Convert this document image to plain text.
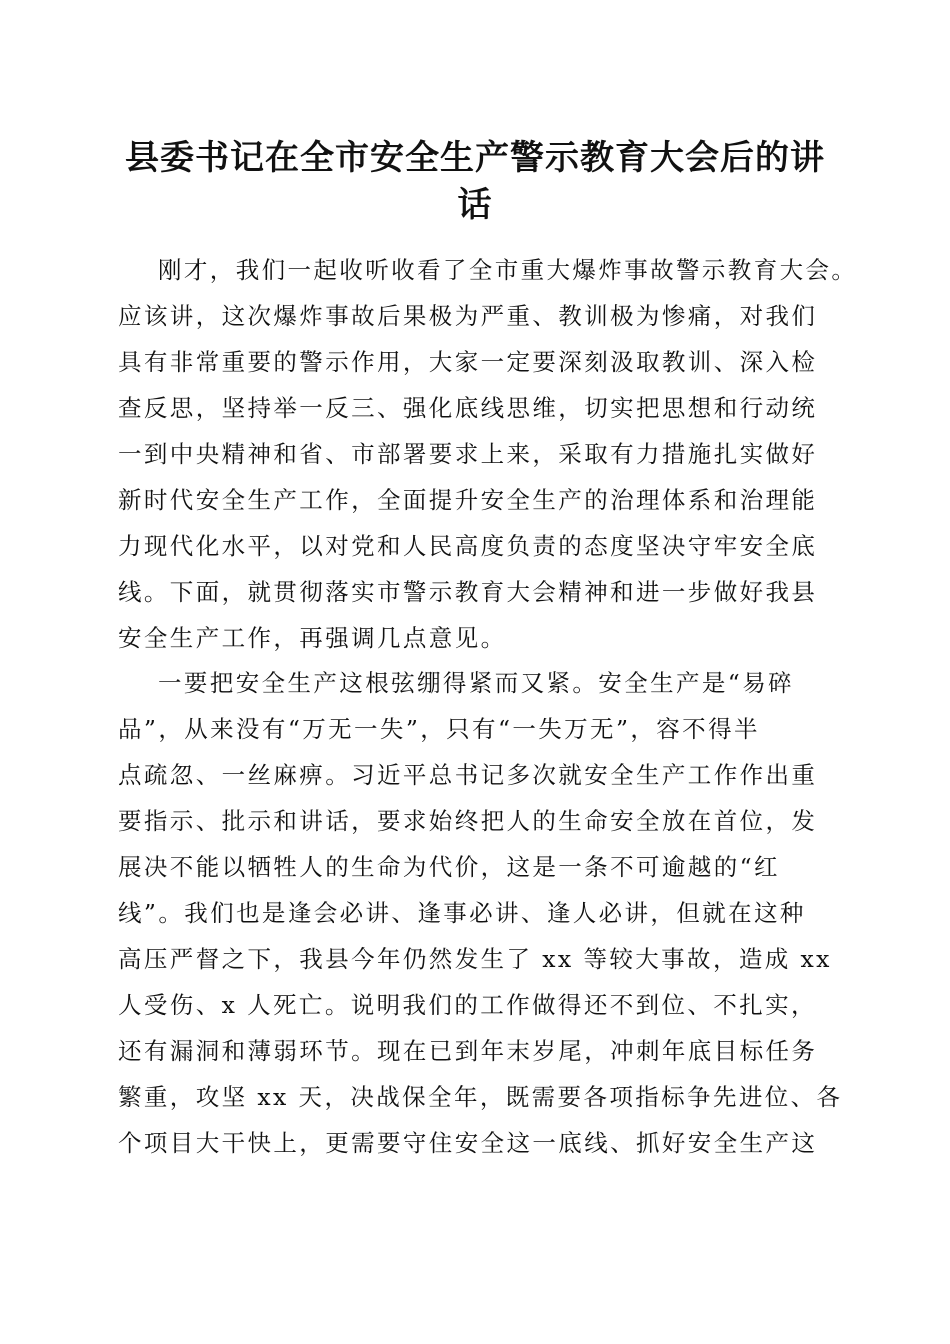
县委书记在全市安全生产警示教育大会后的讲
话
刚才，我们一起收听收看了全市重大爆炸事故警示教育大会。
应该讲，这次爆炸事故后果极为严重、教训极为惨痛，对我们
具有非常重要的警示作用，大家一定要深刻汲取教训、深入检
查反思，坚持举一反三、强化底线思维，切实把思想和行动统
一到中央精神和省、市部署要求上来，采取有力措施扎实做好
新时代安全生产工作，全面提升安全生产的治理体系和治理能
力现代化水平，以对党和人民高度负责的态度坚决守牢安全底
线。下面，就贯彻落实市警示教育大会精神和进一步做好我县
安全生产工作，再强调几点意见。
一要把安全生产这根弦绷得紧而又紧。安全生产是“易碎
品”，从来没有“万无一失”，只有“一失万无”，容不得半
点疏忽、一丝麻痹。习近平总书记多次就安全生产工作作出重
要指示、批示和讲话，要求始终把人的生命安全放在首位，发
展决不能以牺牲人的生命为代价，这是一条不可逾越的“红
线”。我们也是逢会必讲、逢事必讲、逢人必讲，但就在这种
高压严督之下，我县今年仍然发生了 xx 等较大事故，造成 xx
人受伤、x 人死亡。说明我们的工作做得还不到位、不扎实，
还有漏洞和薄弱环节。现在已到年末岁尾，冲刺年底目标任务
繁重，攻坚 xx 天，决战保全年，既需要各项指标争先进位、各
个项目大干快上，更需要守住安全这一底线、抓好安全生产这
